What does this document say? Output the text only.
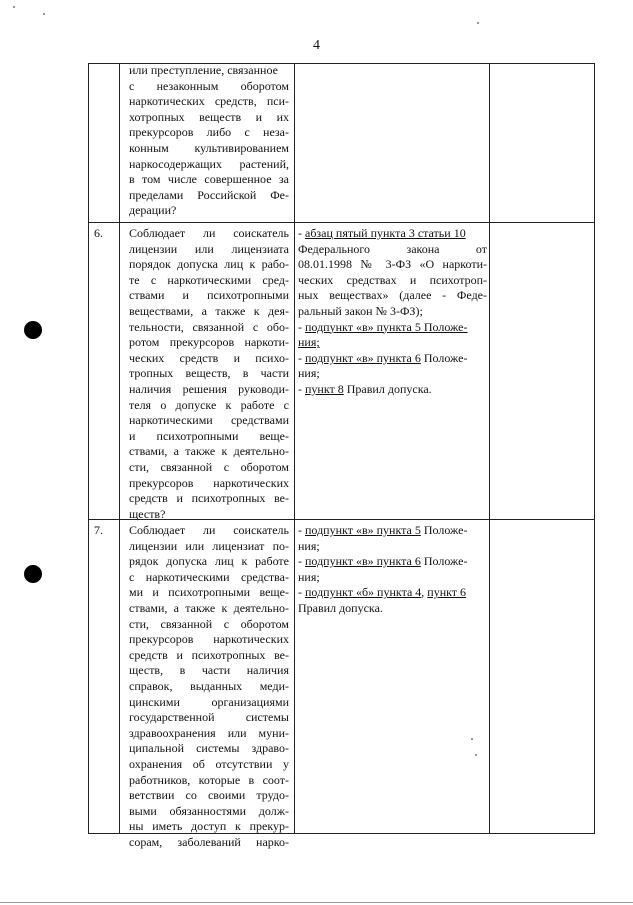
4
или преступление, связанное
с незаконным оборотом
наркотических средств, пси-
хотропных веществ и их
прекурсоров либо с неза-
конным культивированием
наркосодержащих растений,
в том числе совершенное за
пределами Российской Фе-
дерации?
6. Соблюдает ли соискатель
лицензии или лицензиата
порядок допуска лиц к рабо-
те с наркотическими сред-
ствами и психотропными
веществами, а также к дея-
тельности, связанной с обо-
ротом прекурсоров наркоти-
ческих средств и психо-
тропных веществ, в части
наличия решения руководи-
теля о допуске к работе с
наркотическими средствами
и психотропными веще-
ствами, а также к деятельно-
сти, связанной с оборотом
прекурсоров наркотических
средств и психотропных ве-
ществ?
- абзац пятый пункта 3 статьи 10
Федерального закона от
08.01.1998 № 3-ФЗ «О наркоти-
ческих средствах и психотроп-
ных веществах» (далее - Феде-
ральный закон № 3-ФЗ);
- подпункт «в» пункта 5 Положе-
ния;
- подпункт «в» пункта 6 Положе-
ния;
- пункт 8 Правил допуска.
7. Соблюдает ли соискатель
лицензии или лицензиат по-
рядок допуска лиц к работе
с наркотическими средства-
ми и психотропными веще-
ствами, а также к деятельно-
сти, связанной с оборотом
прекурсоров наркотических
средств и психотропных ве-
ществ, в части наличия
справок, выданных меди-
цинскими организациями
государственной системы
здравоохранения или муни-
ципальной системы здраво-
охранения об отсутствии у
работников, которые в соот-
ветствии со своими трудо-
выми обязанностями долж-
ны иметь доступ к прекур-
сорам, заболеваний нарко-
- подпункт «в» пункта 5 Положе-
ния;
- подпункт «в» пункта 6 Положе-
ния;
- подпункт «б» пункта 4, пункт 6
Правил допуска.
